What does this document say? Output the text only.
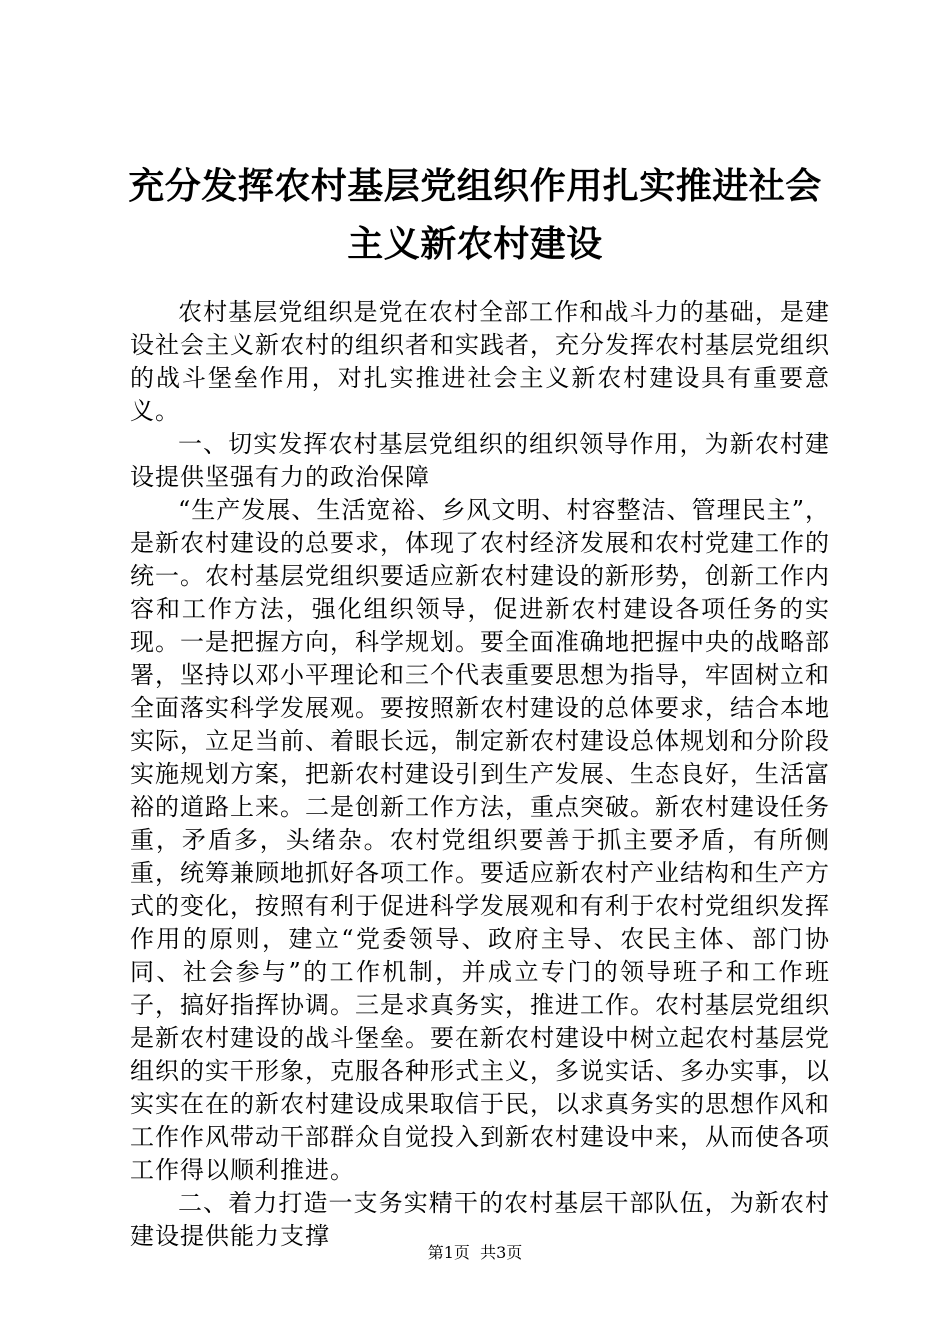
充分发挥农村基层党组织作用扎实推进社会主义新农村建设

农村基层党组织是党在农村全部工作和战斗力的基础，是建设社会主义新农村的组织者和实践者，充分发挥农村基层党组织的战斗堡垒作用，对扎实推进社会主义新农村建设具有重要意义。

一、切实发挥农村基层党组织的组织领导作用，为新农村建设提供坚强有力的政治保障

“生产发展、生活宽裕、乡风文明、村容整洁、管理民主”，是新农村建设的总要求，体现了农村经济发展和农村党建工作的统一。农村基层党组织要适应新农村建设的新形势，创新工作内容和工作方法，强化组织领导，促进新农村建设各项任务的实现。一是把握方向，科学规划。要全面准确地把握中央的战略部署，坚持以邓小平理论和三个代表重要思想为指导，牢固树立和全面落实科学发展观。要按照新农村建设的总体要求，结合本地实际，立足当前、着眼长远，制定新农村建设总体规划和分阶段实施规划方案，把新农村建设引到生产发展、生态良好，生活富裕的道路上来。二是创新工作方法，重点突破。新农村建设任务重，矛盾多，头绪杂。农村党组织要善于抓主要矛盾，有所侧重，统筹兼顾地抓好各项工作。要适应新农村产业结构和生产方式的变化，按照有利于促进科学发展观和有利于农村党组织发挥作用的原则，建立“党委领导、政府主导、农民主体、部门协同、社会参与”的工作机制，并成立专门的领导班子和工作班子，搞好指挥协调。三是求真务实，推进工作。农村基层党组织是新农村建设的战斗堡垒。要在新农村建设中树立起农村基层党组织的实干形象，克服各种形式主义，多说实话、多办实事，以实实在在的新农村建设成果取信于民，以求真务实的思想作风和工作作风带动干部群众自觉投入到新农村建设中来，从而使各项工作得以顺利推进。

二、着力打造一支务实精干的农村基层干部队伍，为新农村建设提供能力支撑

第1页 共3页
